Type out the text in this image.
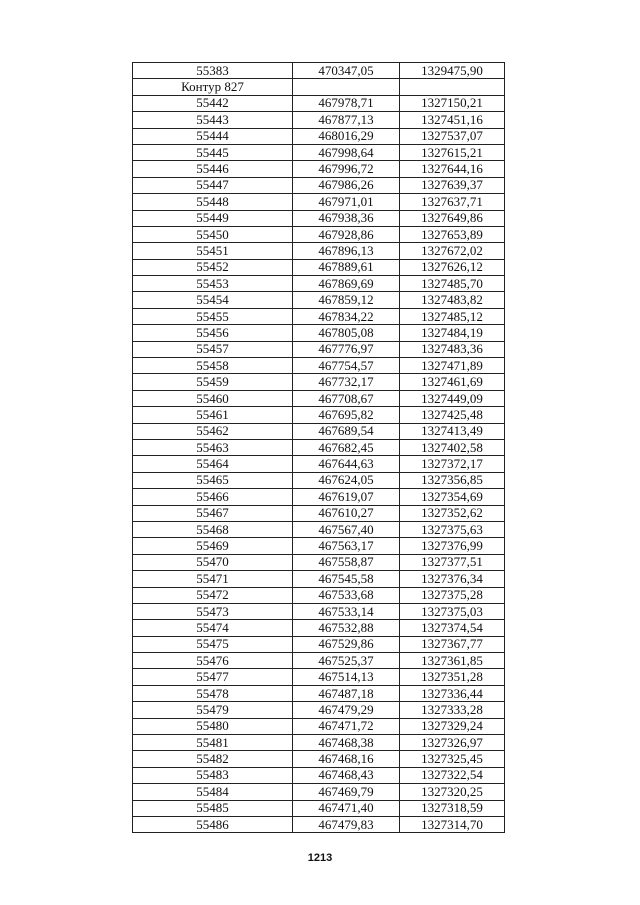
55383	470347,05	1329475,90
Контур 827		
55442	467978,71	1327150,21
55443	467877,13	1327451,16
55444	468016,29	1327537,07
55445	467998,64	1327615,21
55446	467996,72	1327644,16
55447	467986,26	1327639,37
55448	467971,01	1327637,71
55449	467938,36	1327649,86
55450	467928,86	1327653,89
55451	467896,13	1327672,02
55452	467889,61	1327626,12
55453	467869,69	1327485,70
55454	467859,12	1327483,82
55455	467834,22	1327485,12
55456	467805,08	1327484,19
55457	467776,97	1327483,36
55458	467754,57	1327471,89
55459	467732,17	1327461,69
55460	467708,67	1327449,09
55461	467695,82	1327425,48
55462	467689,54	1327413,49
55463	467682,45	1327402,58
55464	467644,63	1327372,17
55465	467624,05	1327356,85
55466	467619,07	1327354,69
55467	467610,27	1327352,62
55468	467567,40	1327375,63
55469	467563,17	1327376,99
55470	467558,87	1327377,51
55471	467545,58	1327376,34
55472	467533,68	1327375,28
55473	467533,14	1327375,03
55474	467532,88	1327374,54
55475	467529,86	1327367,77
55476	467525,37	1327361,85
55477	467514,13	1327351,28
55478	467487,18	1327336,44
55479	467479,29	1327333,28
55480	467471,72	1327329,24
55481	467468,38	1327326,97
55482	467468,16	1327325,45
55483	467468,43	1327322,54
55484	467469,79	1327320,25
55485	467471,40	1327318,59
55486	467479,83	1327314,70
1213
